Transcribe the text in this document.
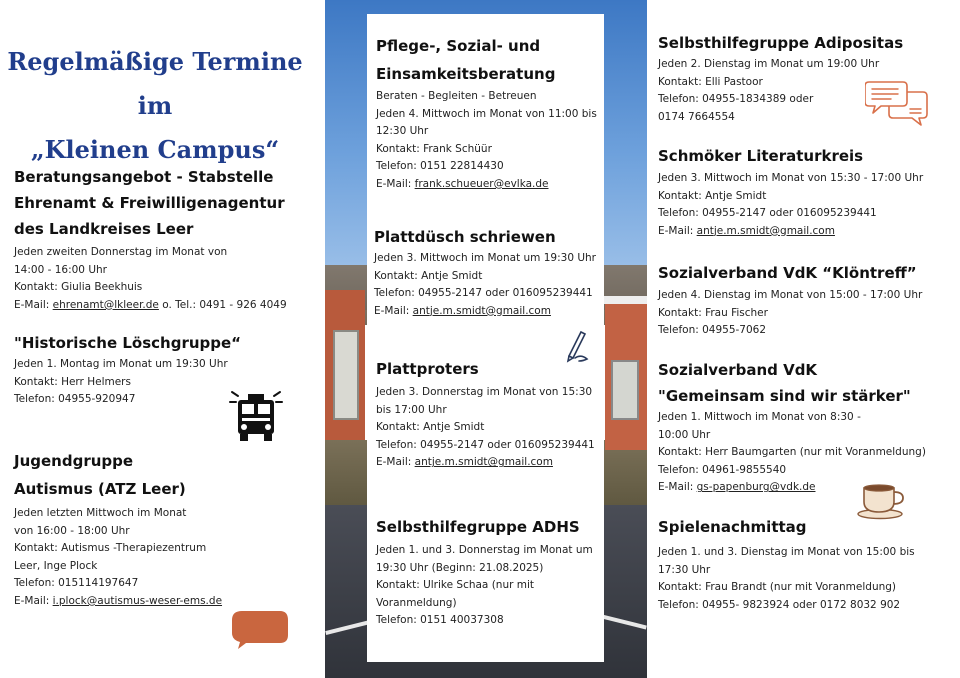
Regelmäßige Termine im
„Kleinen Campus“
Beratungsangebot - Stabstelle
Ehrenamt & Freiwilligenagentur
des Landkreises Leer
Jeden zweiten Donnerstag im Monat von
14:00 - 16:00 Uhr
Kontakt: Giulia Beekhuis
E-Mail: ehrenamt@lkleer.de o. Tel.: 0491 - 926 4049
"Historische Löschgruppe“
Jeden 1. Montag im Monat um 19:30 Uhr
Kontakt: Herr Helmers
Telefon: 04955-920947
Jugendgruppe
Autismus (ATZ Leer)
Jeden letzten Mittwoch im Monat
von 16:00 - 18:00 Uhr
Kontakt: Autismus -Therapiezentrum
Leer, Inge Plock
Telefon: 015114197647
E-Mail: i.plock@autismus-weser-ems.de
Pflege-, Sozial- und
Einsamkeitsberatung
Beraten - Begleiten - Betreuen
Jeden 4. Mittwoch im Monat von 11:00 bis
12:30 Uhr
Kontakt: Frank Schüür
Telefon: 0151 22814430
E-Mail: frank.schueuer@evlka.de
Plattdüsch schriewen
Jeden 3. Mittwoch im Monat um 19:30 Uhr
Kontakt: Antje Smidt
Telefon: 04955-2147 oder 016095239441
E-Mail: antje.m.smidt@gmail.com
Plattproters
Jeden 3. Donnerstag im Monat von 15:30
bis 17:00 Uhr
Kontakt: Antje Smidt
Telefon: 04955-2147 oder 016095239441
E-Mail: antje.m.smidt@gmail.com
Selbsthilfegruppe ADHS
Jeden 1. und 3. Donnerstag im Monat um
19:30 Uhr (Beginn: 21.08.2025)
Kontakt: Ulrike Schaa (nur mit
Voranmeldung)
Telefon: 0151 40037308
Selbsthilfegruppe Adipositas
Jeden 2. Dienstag im Monat um 19:00 Uhr
Kontakt: Elli Pastoor
Telefon: 04955-1834389 oder
0174 7664554
Schmöker Literaturkreis
Jeden 3. Mittwoch im Monat von 15:30 - 17:00 Uhr
Kontakt: Antje Smidt
Telefon: 04955-2147 oder 016095239441
E-Mail: antje.m.smidt@gmail.com
Sozialverband VdK “Klöntreff”
Jeden 4. Dienstag im Monat von 15:00 - 17:00 Uhr
Kontakt: Frau Fischer
Telefon: 04955-7062
Sozialverband VdK
"Gemeinsam sind wir stärker"
Jeden 1. Mittwoch im Monat von 8:30 -
10:00 Uhr
Kontakt: Herr Baumgarten (nur mit Voranmeldung)
Telefon: 04961-9855540
E-Mail: gs-papenburg@vdk.de
Spielenachmittag
Jeden 1. und 3. Dienstag im Monat von 15:00 bis
17:30 Uhr
Kontakt: Frau Brandt (nur mit Voranmeldung)
Telefon: 04955- 9823924 oder 0172 8032 902
